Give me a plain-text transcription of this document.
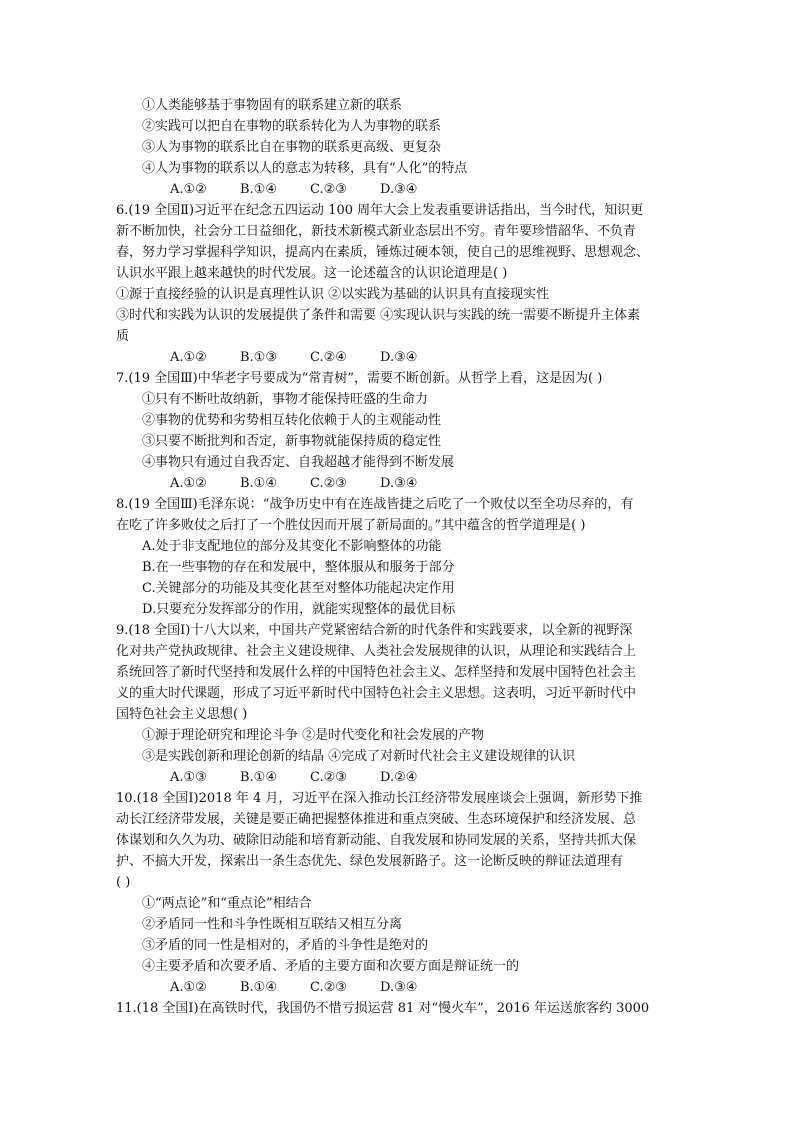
①人类能够基于事物固有的联系建立新的联系
②实践可以把自在事物的联系转化为人为事物的联系
③人为事物的联系比自在事物的联系更高级、更复杂
④人为事物的联系以人的意志为转移，具有“人化”的特点
A.①②	B.①④	C.②③	D.③④
6.(19 全国Ⅱ)习近平在纪念五四运动 100 周年大会上发表重要讲话指出，当今时代，知识更
新不断加快，社会分工日益细化，新技术新模式新业态层出不穷。青年要珍惜韶华、不负青
春，努力学习掌握科学知识，提高内在素质，锤炼过硬本领，使自己的思维视野、思想观念、
认识水平跟上越来越快的时代发展。这一论述蕴含的认识论道理是( )
①源于直接经验的认识是真理性认识 ②以实践为基础的认识具有直接现实性
③时代和实践为认识的发展提供了条件和需要 ④实现认识与实践的统一需要不断提升主体素
质
A.①②	B.①③	C.②④	D.③④
7.(19 全国Ⅲ)中华老字号要成为“常青树”，需要不断创新。从哲学上看，这是因为( )
①只有不断吐故纳新，事物才能保持旺盛的生命力
②事物的优势和劣势相互转化依赖于人的主观能动性
③只要不断批判和否定，新事物就能保持质的稳定性
④事物只有通过自我否定、自我超越才能得到不断发展
A.①②	B.①④	C.②③	D.③④
8.(19 全国Ⅲ)毛泽东说：“战争历史中有在连战皆捷之后吃了一个败仗以至全功尽弃的，有
在吃了许多败仗之后打了一个胜仗因而开展了新局面的。”其中蕴含的哲学道理是( )
A.处于非支配地位的部分及其变化不影响整体的功能
B.在一些事物的存在和发展中，整体服从和服务于部分
C.关键部分的功能及其变化甚至对整体功能起决定作用
D.只要充分发挥部分的作用，就能实现整体的最优目标
9.(18 全国Ⅰ)十八大以来，中国共产党紧密结合新的时代条件和实践要求，以全新的视野深
化对共产党执政规律、社会主义建设规律、人类社会发展规律的认识，从理论和实践结合上
系统回答了新时代坚持和发展什么样的中国特色社会主义、怎样坚持和发展中国特色社会主
义的重大时代课题，形成了习近平新时代中国特色社会主义思想。这表明，习近平新时代中
国特色社会主义思想( )
①源于理论研究和理论斗争 ②是时代变化和社会发展的产物
③是实践创新和理论创新的结晶 ④完成了对新时代社会主义建设规律的认识
A.①③	B.①④	C.②③	D.②④
10.(18 全国Ⅰ)2018 年 4 月，习近平在深入推动长江经济带发展座谈会上强调，新形势下推
动长江经济带发展，关键是要正确把握整体推进和重点突破、生态环境保护和经济发展、总
体谋划和久久为功、破除旧动能和培育新动能、自我发展和协同发展的关系，坚持共抓大保
护、不搞大开发，探索出一条生态优先、绿色发展新路子。这一论断反映的辩证法道理有
( )
①“两点论”和“重点论”相结合
②矛盾同一性和斗争性既相互联结又相互分离
③矛盾的同一性是相对的，矛盾的斗争性是绝对的
④主要矛盾和次要矛盾、矛盾的主要方面和次要方面是辩证统一的
A.①②	B.①④	C.②③	D.③④
11.(18 全国Ⅰ)在高铁时代，我国仍不惜亏损运营 81 对“慢火车”，2016 年运送旅客约 3000
